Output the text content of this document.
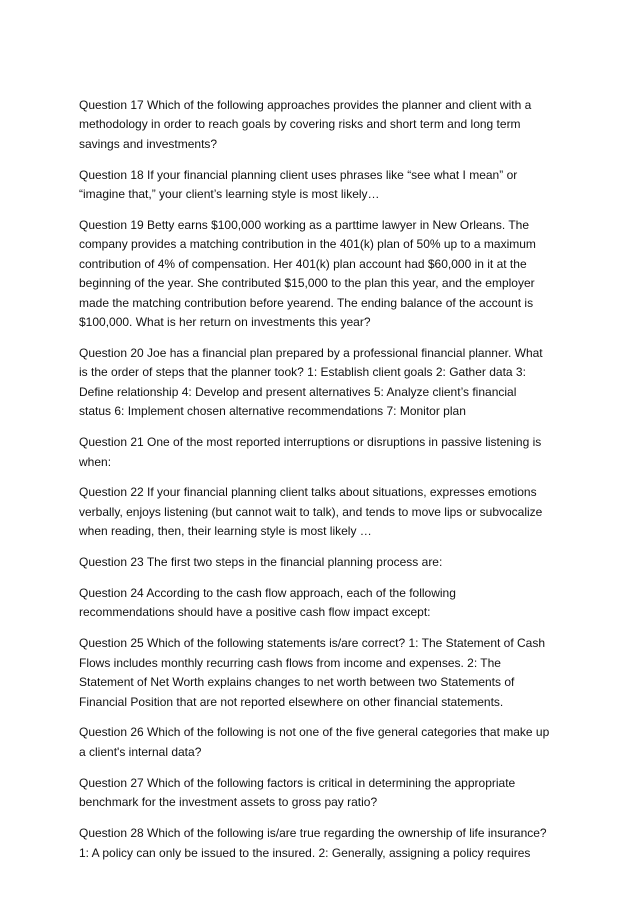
Question 17 Which of the following approaches provides the planner and client with a
methodology in order to reach goals by covering risks and short term and long term
savings and investments?

Question 18 If your financial planning client uses phrases like “see what I mean” or
“imagine that,” your client’s learning style is most likely…

Question 19 Betty earns $100,000 working as a parttime lawyer in New Orleans. The
company provides a matching contribution in the 401(k) plan of 50% up to a maximum
contribution of 4% of compensation. Her 401(k) plan account had $60,000 in it at the
beginning of the year. She contributed $15,000 to the plan this year, and the employer
made the matching contribution before yearend. The ending balance of the account is
$100,000. What is her return on investments this year?

Question 20 Joe has a financial plan prepared by a professional financial planner. What
is the order of steps that the planner took? 1: Establish client goals 2: Gather data 3:
Define relationship 4: Develop and present alternatives 5: Analyze client’s financial
status 6: Implement chosen alternative recommendations 7: Monitor plan

Question 21 One of the most reported interruptions or disruptions in passive listening is
when:

Question 22 If your financial planning client talks about situations, expresses emotions
verbally, enjoys listening (but cannot wait to talk), and tends to move lips or subvocalize
when reading, then, their learning style is most likely …

Question 23 The first two steps in the financial planning process are:

Question 24 According to the cash flow approach, each of the following
recommendations should have a positive cash flow impact except:

Question 25 Which of the following statements is/are correct? 1: The Statement of Cash
Flows includes monthly recurring cash flows from income and expenses. 2: The
Statement of Net Worth explains changes to net worth between two Statements of
Financial Position that are not reported elsewhere on other financial statements.

Question 26 Which of the following is not one of the five general categories that make up
a client's internal data?

Question 27 Which of the following factors is critical in determining the appropriate
benchmark for the investment assets to gross pay ratio?

Question 28 Which of the following is/are true regarding the ownership of life insurance?
1: A policy can only be issued to the insured. 2: Generally, assigning a policy requires
